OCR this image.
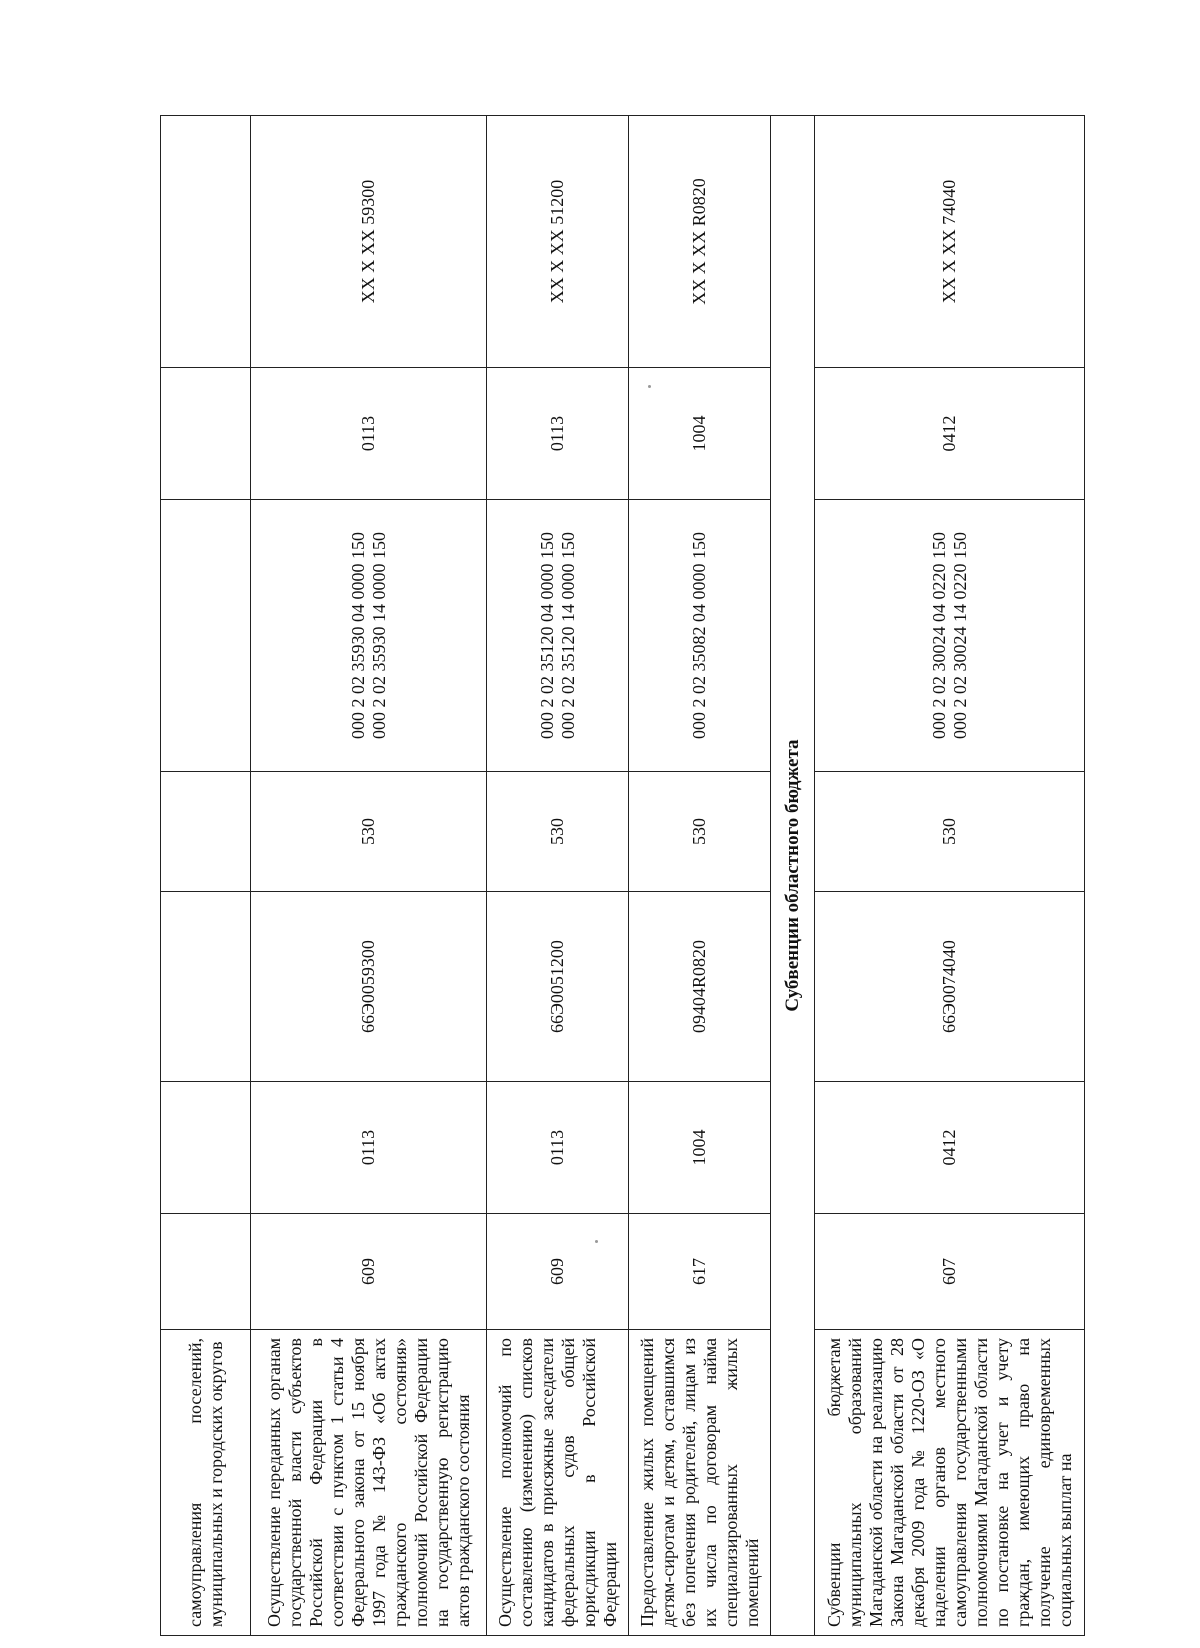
самоуправления поселений, муниципальных и городских округов							
Осуществление переданных органам государственной власти субъектов Российской Федерации в соответствии с пунктом 1 статьи 4 Федерального закона от 15 ноября 1997 года № 143-ФЗ «Об актах гражданского состояния» полномочий Российской Федерации на государственную регистрацию актов гражданского состояния	609	0113	66Э0059300	530	000 2 02 35930 04 0000 150 000 2 02 35930 14 0000 150	0113	XX X XX 59300
Осуществление полномочий по составлению (изменению) списков кандидатов в присяжные заседатели федеральных судов общей юрисдикции в Российской Федерации	609	0113	66Э0051200	530	000 2 02 35120 04 0000 150 000 2 02 35120 14 0000 150	0113	XX X XX 51200
Предоставление жилых помещений детям-сиротам и детям, оставшимся без попечения родителей, лицам из их числа по договорам найма специализированных жилых помещений	617	1004	09404R0820	530	000 2 02 35082 04 0000 150	1004	XX X XX R0820
Субвенции областного бюджета							
Субвенции бюджетам муниципальных образований Магаданской области на реализацию Закона Магаданской области от 28 декабря 2009 года № 1220-ОЗ «О наделении органов местного самоуправления государственными полномочиями Магаданской области по постановке на учет и учету граждан, имеющих право на получение единовременных социальных выплат на	607	0412	66Э0074040	530	000 2 02 30024 04 0220 150 000 2 02 30024 14 0220 150	0412	XX X XX 74040
